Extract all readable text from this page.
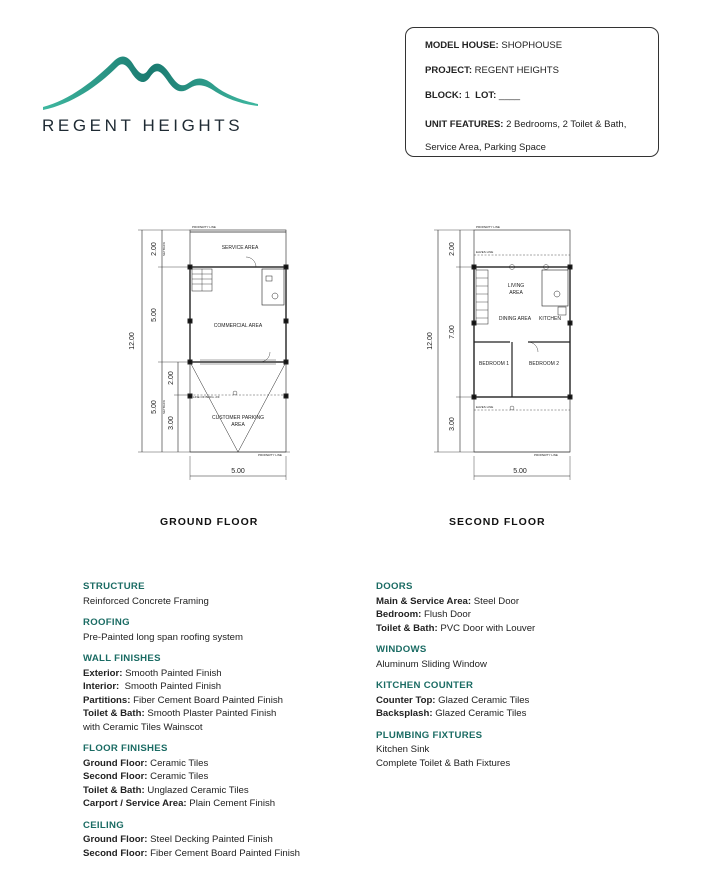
REGENT HEIGHTS
MODEL HOUSE: SHOPHOUSE
PROJECT: REGENT HEIGHTS
BLOCK: 1 LOT: ____
UNIT FEATURES: 2 Bedrooms, 2 Toilet & Bath, Service Area, Parking Space
12.00
2.00
5.00
5.00
2.00
3.00
SETBACK
SETBACK
PROPERTY LINE
PROPERTY LINE
5.00
SERVICE AREA
COMMERCIAL AREA
CUSTOMER PARKING
AREA
LINE OF BLDG. 2/F
GROUND FLOOR
12.00
2.00
7.00
3.00
PROPERTY LINE
PROPERTY LINE
EAVES LINE
EAVES LINE
5.00
LIVING
AREA
DINING AREA KITCHEN
BEDROOM 1	BEDROOM 2
SECOND FLOOR
STRUCTURE
Reinforced Concrete Framing
ROOFING
Pre-Painted long span roofing system
WALL FINISHES
Exterior: Smooth Painted Finish
Interior:  Smooth Painted Finish
Partitions: Fiber Cement Board Painted Finish
Toilet & Bath: Smooth Plaster Painted Finish
with Ceramic Tiles Wainscot
FLOOR FINISHES
Ground Floor: Ceramic Tiles
Second Floor: Ceramic Tiles
Toilet & Bath: Unglazed Ceramic Tiles
Carport / Service Area: Plain Cement Finish
CEILING
Ground Floor: Steel Decking Painted Finish
Second Floor: Fiber Cement Board Painted Finish
DOORS
Main & Service Area: Steel Door
Bedroom: Flush Door
Toilet & Bath: PVC Door with Louver
WINDOWS
Aluminum Sliding Window
KITCHEN COUNTER
Counter Top: Glazed Ceramic Tiles
Backsplash: Glazed Ceramic Tiles
PLUMBING FIXTURES
Kitchen Sink
Complete Toilet & Bath Fixtures
